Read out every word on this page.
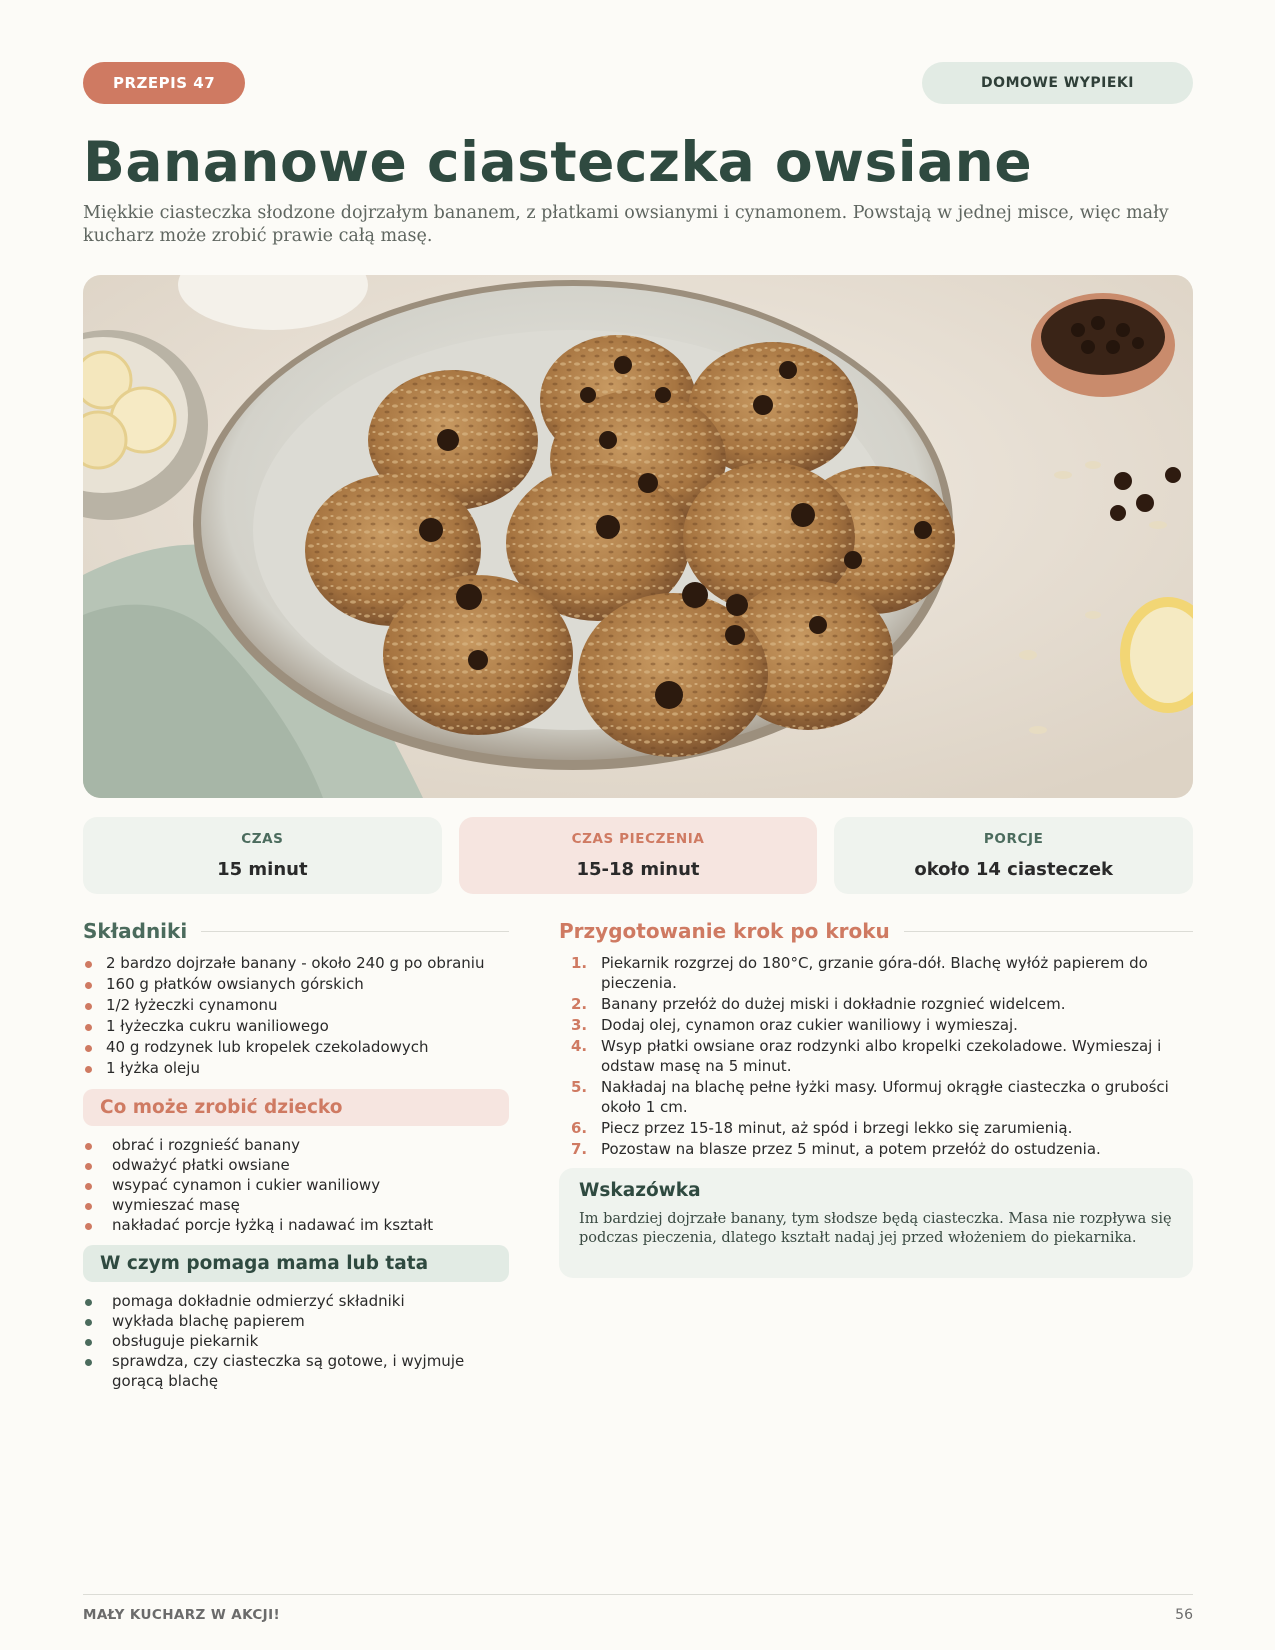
PRZEPIS 47	DOMOWE WYPIEKI
Bananowe ciasteczka owsiane

Miękkie ciasteczka słodzone dojrzałym bananem, z płatkami owsianymi i cynamonem. Powstają w jednej misce, więc mały kucharz może zrobić prawie całą masę.

CZAS
15 minut
CZAS PIECZENIA
15-18 minut
PORCJE
około 14 ciasteczek
Składniki
2 bardzo dojrzałe banany - około 240 g po obraniu
160 g płatków owsianych górskich
1/2 łyżeczki cynamonu
1 łyżeczka cukru waniliowego
40 g rodzynek lub kropelek czekoladowych
1 łyżka oleju
Co może zrobić dziecko
obrać i rozgnieść banany
odważyć płatki owsiane
wsypać cynamon i cukier waniliowy
wymieszać masę
nakładać porcje łyżką i nadawać im kształt
W czym pomaga mama lub tata
pomaga dokładnie odmierzyć składniki
wykłada blachę papierem
obsługuje piekarnik
sprawdza, czy ciasteczka są gotowe, i wyjmuje gorącą blachę
Przygotowanie krok po kroku
1. Piekarnik rozgrzej do 180°C, grzanie góra-dół. Blachę wyłóż papierem do pieczenia.
2. Banany przełóż do dużej miski i dokładnie rozgnieć widelcem.
3. Dodaj olej, cynamon oraz cukier waniliowy i wymieszaj.
4. Wsyp płatki owsiane oraz rodzynki albo kropelki czekoladowe. Wymieszaj i odstaw masę na 5 minut.
5. Nakładaj na blachę pełne łyżki masy. Uformuj okrągłe ciasteczka o grubości około 1 cm.
6. Piecz przez 15-18 minut, aż spód i brzegi lekko się zarumienią.
7. Pozostaw na blasze przez 5 minut, a potem przełóż do ostudzenia.
Wskazówka

Im bardziej dojrzałe banany, tym słodsze będą ciasteczka. Masa nie rozpływa się podczas pieczenia, dlatego kształt nadaj jej przed włożeniem do piekarnika.

MAŁY KUCHARZ W AKCJI!	56
